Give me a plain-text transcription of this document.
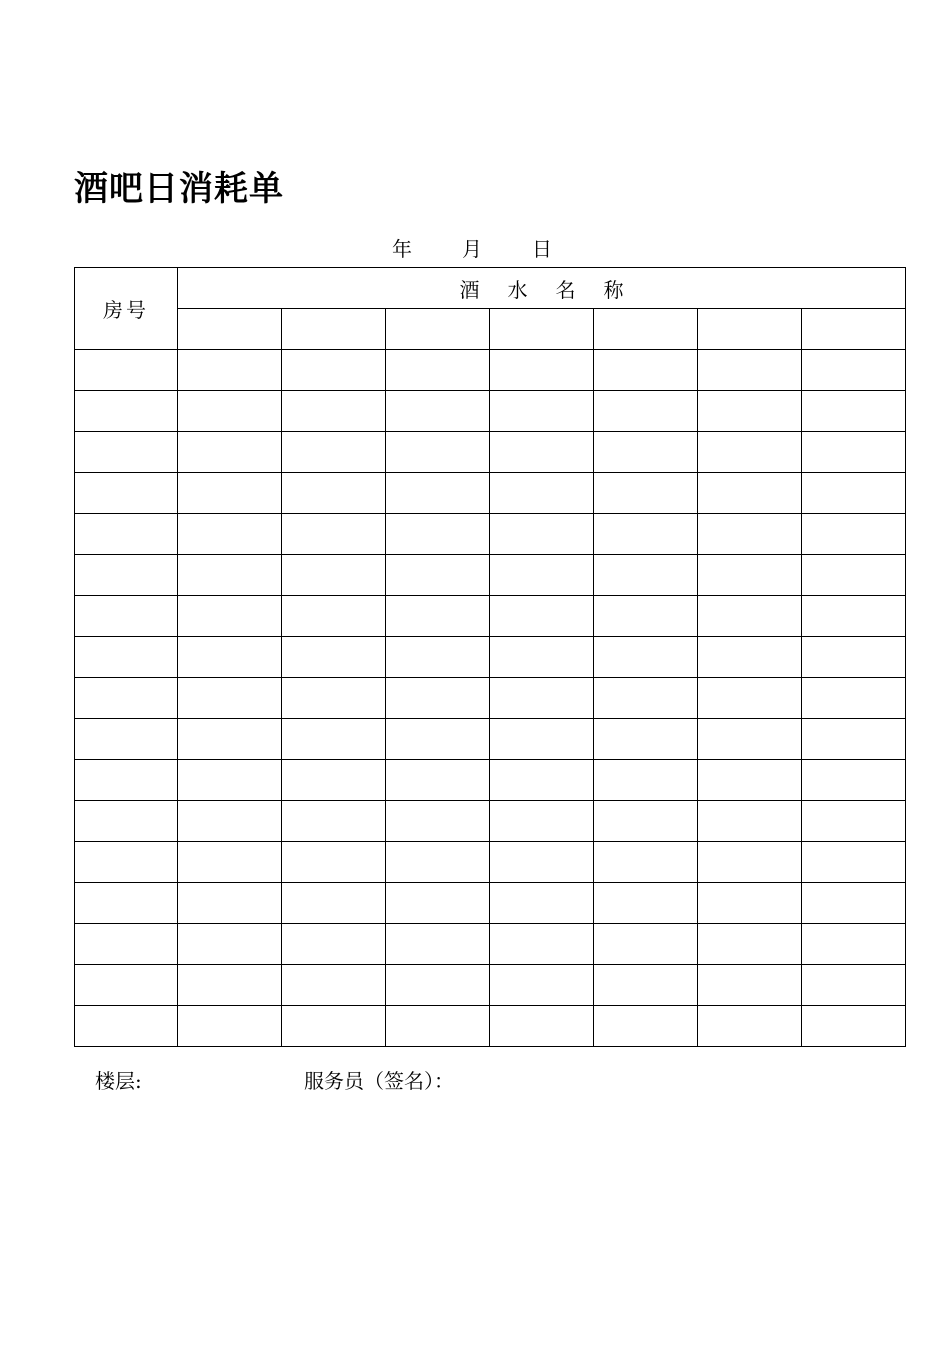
酒吧日消耗单
年	月	日
房号	酒 水 名 称						

楼层:	服务员（签名）：
